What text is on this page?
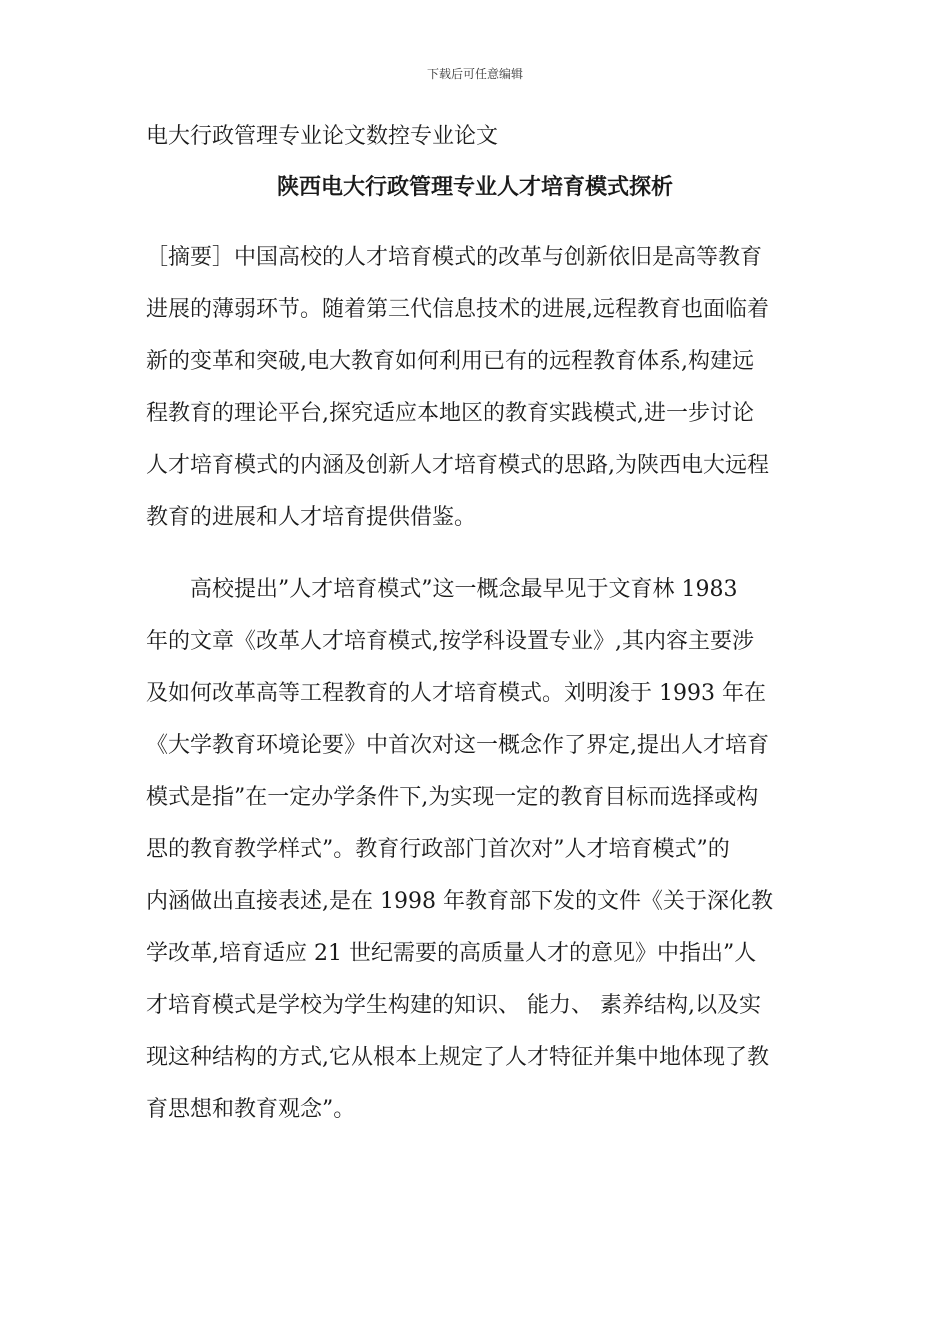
下载后可任意编辑
电大行政管理专业论文数控专业论文
陕西电大行政管理专业人才培育模式探析
［摘要］中国高校的人才培育模式的改革与创新依旧是高等教育
进展的薄弱环节。随着第三代信息技术的进展,远程教育也面临着
新的变革和突破,电大教育如何利用已有的远程教育体系,构建远
程教育的理论平台,探究适应本地区的教育实践模式,进一步讨论
人才培育模式的内涵及创新人才培育模式的思路,为陕西电大远程
教育的进展和人才培育提供借鉴。
　　高校提出”人才培育模式”这一概念最早见于文育林 1983
年的文章《改革人才培育模式,按学科设置专业》,其内容主要涉
及如何改革高等工程教育的人才培育模式。刘明浚于 1993 年在
《大学教育环境论要》中首次对这一概念作了界定,提出人才培育
模式是指”在一定办学条件下,为实现一定的教育目标而选择或构
思的教育教学样式”。教育行政部门首次对”人才培育模式”的
内涵做出直接表述,是在 1998 年教育部下发的文件《关于深化教
学改革,培育适应 21 世纪需要的高质量人才的意见》中指出”人
才培育模式是学校为学生构建的知识、 能力、 素养结构,以及实
现这种结构的方式,它从根本上规定了人才特征并集中地体现了教
育思想和教育观念”。
